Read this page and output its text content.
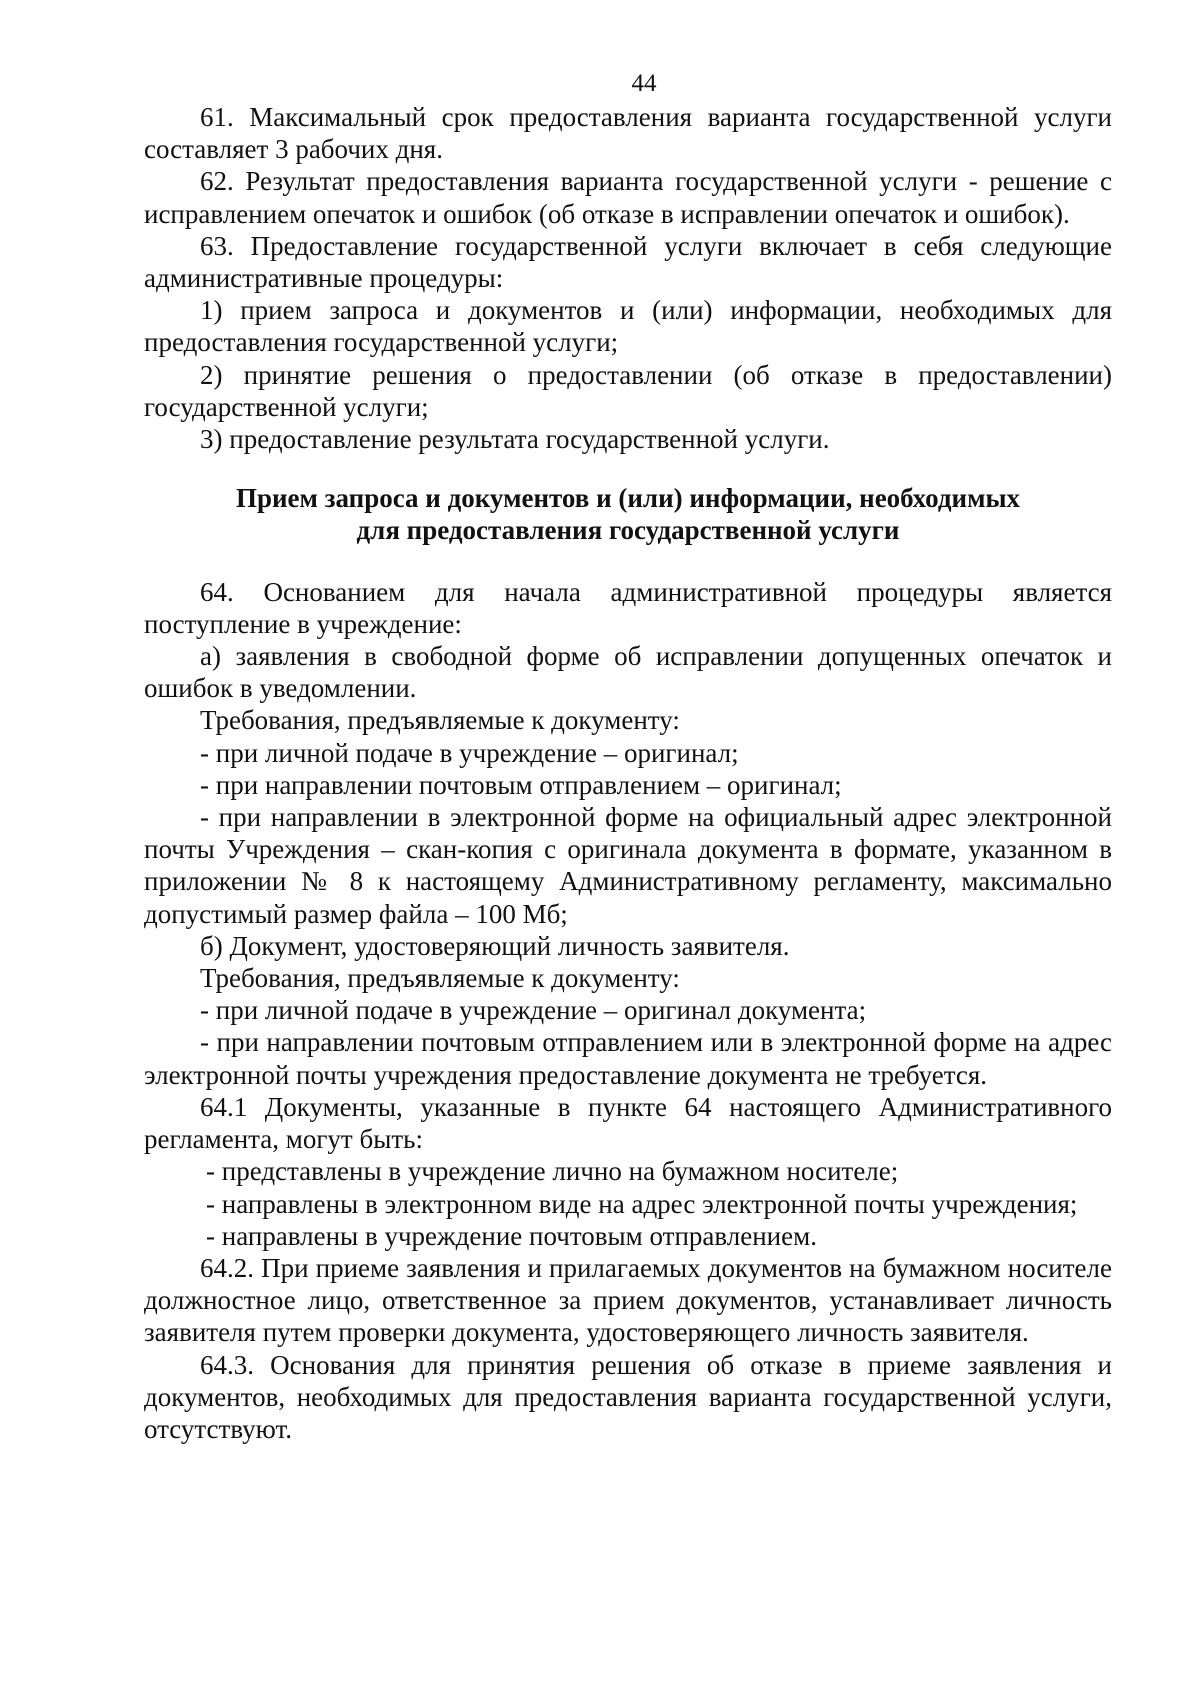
44

61. Максимальный срок предоставления варианта государственной услуги составляет 3 рабочих дня.

62. Результат предоставления варианта государственной услуги - решение с исправлением опечаток и ошибок (об отказе в исправлении опечаток и ошибок).

63. Предоставление государственной услуги включает в себя следующие административные процедуры:

1) прием запроса и документов и (или) информации, необходимых для предоставления государственной услуги;

2) принятие решения о предоставлении (об отказе в предоставлении) государственной услуги;

3) предоставление результата государственной услуги.

Прием запроса и документов и (или) информации, необходимых
для предоставления государственной услуги

64. Основанием для начала административной процедуры является поступление в учреждение:

а) заявления в свободной форме об исправлении допущенных опечаток и ошибок в уведомлении.

Требования, предъявляемые к документу:

- при личной подаче в учреждение – оригинал;

- при направлении почтовым отправлением – оригинал;

- при направлении в электронной форме на официальный адрес электронной почты Учреждения – скан-копия с оригинала документа в формате, указанном в приложении № 8 к настоящему Административному регламенту, максимально допустимый размер файла – 100 Мб;

б) Документ, удостоверяющий личность заявителя.

Требования, предъявляемые к документу:

- при личной подаче в учреждение – оригинал документа;

- при направлении почтовым отправлением или в электронной форме на адрес электронной почты учреждения предоставление документа не требуется.

64.1 Документы, указанные в пункте 64 настоящего Административного регламента, могут быть:

- представлены в учреждение лично на бумажном носителе;

- направлены в электронном виде на адрес электронной почты учреждения;

- направлены в учреждение почтовым отправлением.

64.2. При приеме заявления и прилагаемых документов на бумажном носителе должностное лицо, ответственное за прием документов, устанавливает личность заявителя путем проверки документа, удостоверяющего личность заявителя.

64.3. Основания для принятия решения об отказе в приеме заявления и документов, необходимых для предоставления варианта государственной услуги, отсутствуют.
